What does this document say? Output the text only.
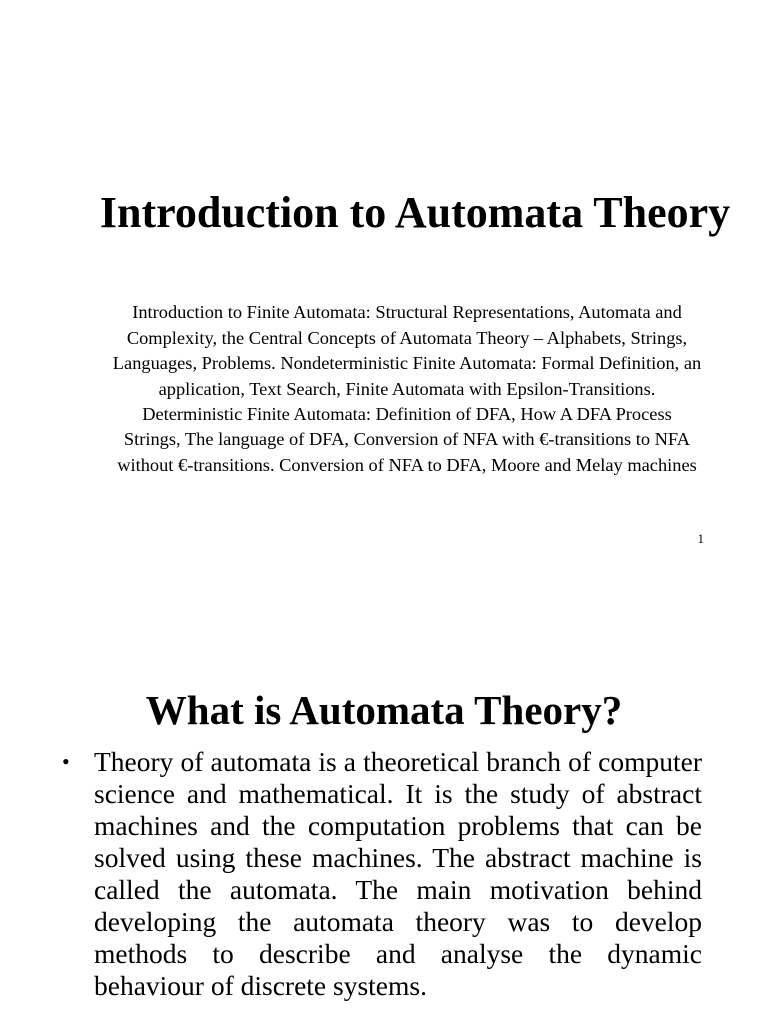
Introduction to Automata Theory

Introduction to Finite Automata: Structural Representations, Automata and Complexity, the Central Concepts of Automata Theory – Alphabets, Strings, Languages, Problems. Nondeterministic Finite Automata: Formal Definition, an application, Text Search, Finite Automata with Epsilon-Transitions. Deterministic Finite Automata: Definition of DFA, How A DFA Process Strings, The language of DFA, Conversion of NFA with €-transitions to NFA without €-transitions. Conversion of NFA to DFA, Moore and Melay machines

1
What is Automata Theory?
• Theory of automata is a theoretical branch of computer science and mathematical. It is the study of abstract machines and the computation problems that can be solved using these machines. The abstract machine is called the automata. The main motivation behind developing the automata theory was to develop methods to describe and analyse the dynamic behaviour of discrete systems.
